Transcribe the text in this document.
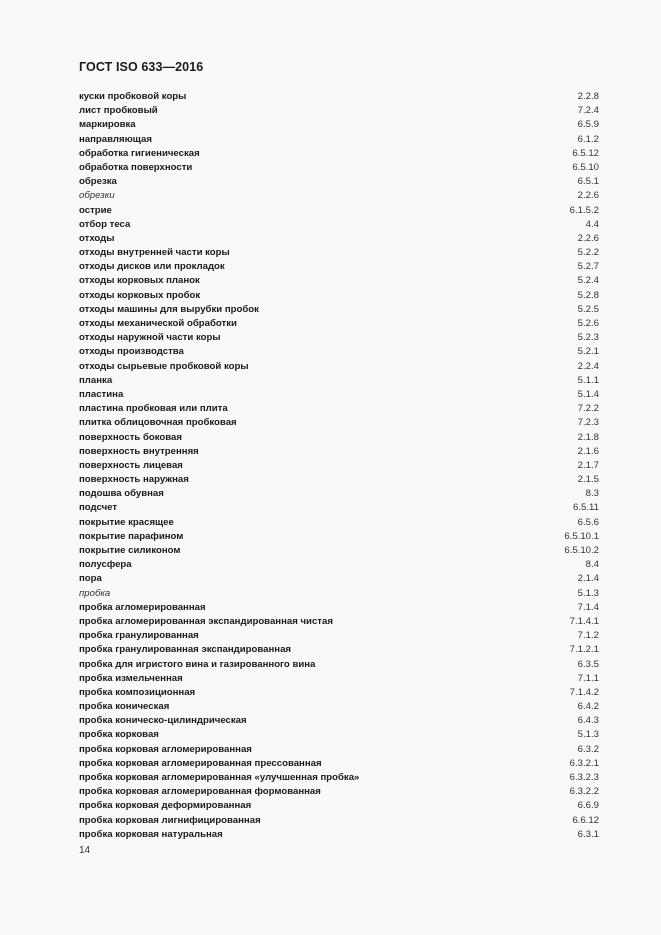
ГОСТ ISO 633—2016
куски пробковой коры	2.2.8
лист пробковый	7.2.4
маркировка	6.5.9
направляющая	6.1.2
обработка гигиеническая	6.5.12
обработка поверхности	6.5.10
обрезка	6.5.1
обрезки	2.2.6
острие	6.1.5.2
отбор теса	4.4
отходы	2.2.6
отходы внутренней части коры	5.2.2
отходы дисков или прокладок	5.2.7
отходы корковых планок	5.2.4
отходы корковых пробок	5.2.8
отходы машины для вырубки пробок	5.2.5
отходы механической обработки	5.2.6
отходы наружной части коры	5.2.3
отходы производства	5.2.1
отходы сырьевые пробковой коры	2.2.4
планка	5.1.1
пластина	5.1.4
пластина пробковая или плита	7.2.2
плитка облицовочная пробковая	7.2.3
поверхность боковая	2.1.8
поверхность внутренняя	2.1.6
поверхность лицевая	2.1.7
поверхность наружная	2.1.5
подошва обувная	8.3
подсчет	6.5.11
покрытие красящее	6.5.6
покрытие парафином	6.5.10.1
покрытие силиконом	6.5.10.2
полусфера	8.4
пора	2.1.4
пробка	5.1.3
пробка агломерированная	7.1.4
пробка агломерированная экспандированная чистая	7.1.4.1
пробка гранулированная	7.1.2
пробка гранулированная экспандированная	7.1.2.1
пробка для игристого вина и газированного вина	6.3.5
пробка измельченная	7.1.1
пробка композиционная	7.1.4.2
пробка коническая	6.4.2
пробка коническо-цилиндрическая	6.4.3
пробка корковая	5.1.3
пробка корковая агломерированная	6.3.2
пробка корковая агломерированная прессованная	6.3.2.1
пробка корковая агломерированная «улучшенная пробка»	6.3.2.3
пробка корковая агломерированная формованная	6.3.2.2
пробка корковая деформированная	6.6.9
пробка корковая лигнифицированная	6.6.12
пробка корковая натуральная	6.3.1
14
